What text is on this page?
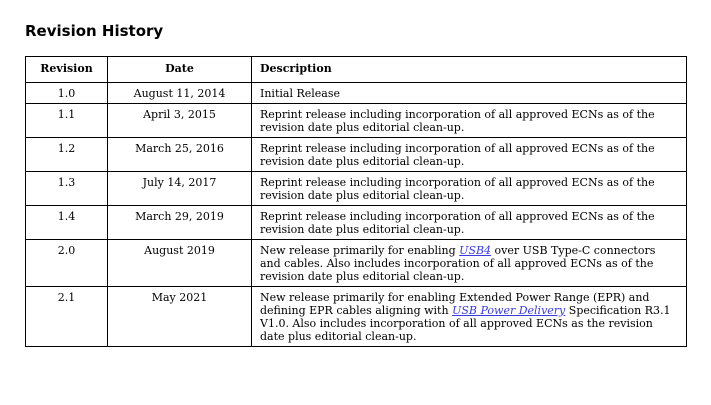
Revision History
Revision	Date	Description
1.0	August 11, 2014	Initial Release
1.1	April 3, 2015	Reprint release including incorporation of all approved ECNs as of the revision date plus editorial clean-up.
1.2	March 25, 2016	Reprint release including incorporation of all approved ECNs as of the revision date plus editorial clean-up.
1.3	July 14, 2017	Reprint release including incorporation of all approved ECNs as of the revision date plus editorial clean-up.
1.4	March 29, 2019	Reprint release including incorporation of all approved ECNs as of the revision date plus editorial clean-up.
2.0	August 2019	New release primarily for enabling USB4 over USB Type-C connectors and cables. Also includes incorporation of all approved ECNs as of the revision date plus editorial clean-up.
2.1	May 2021	New release primarily for enabling Extended Power Range (EPR) and defining EPR cables aligning with USB Power Delivery Specification R3.1 V1.0. Also includes incorporation of all approved ECNs as the revision date plus editorial clean-up.
